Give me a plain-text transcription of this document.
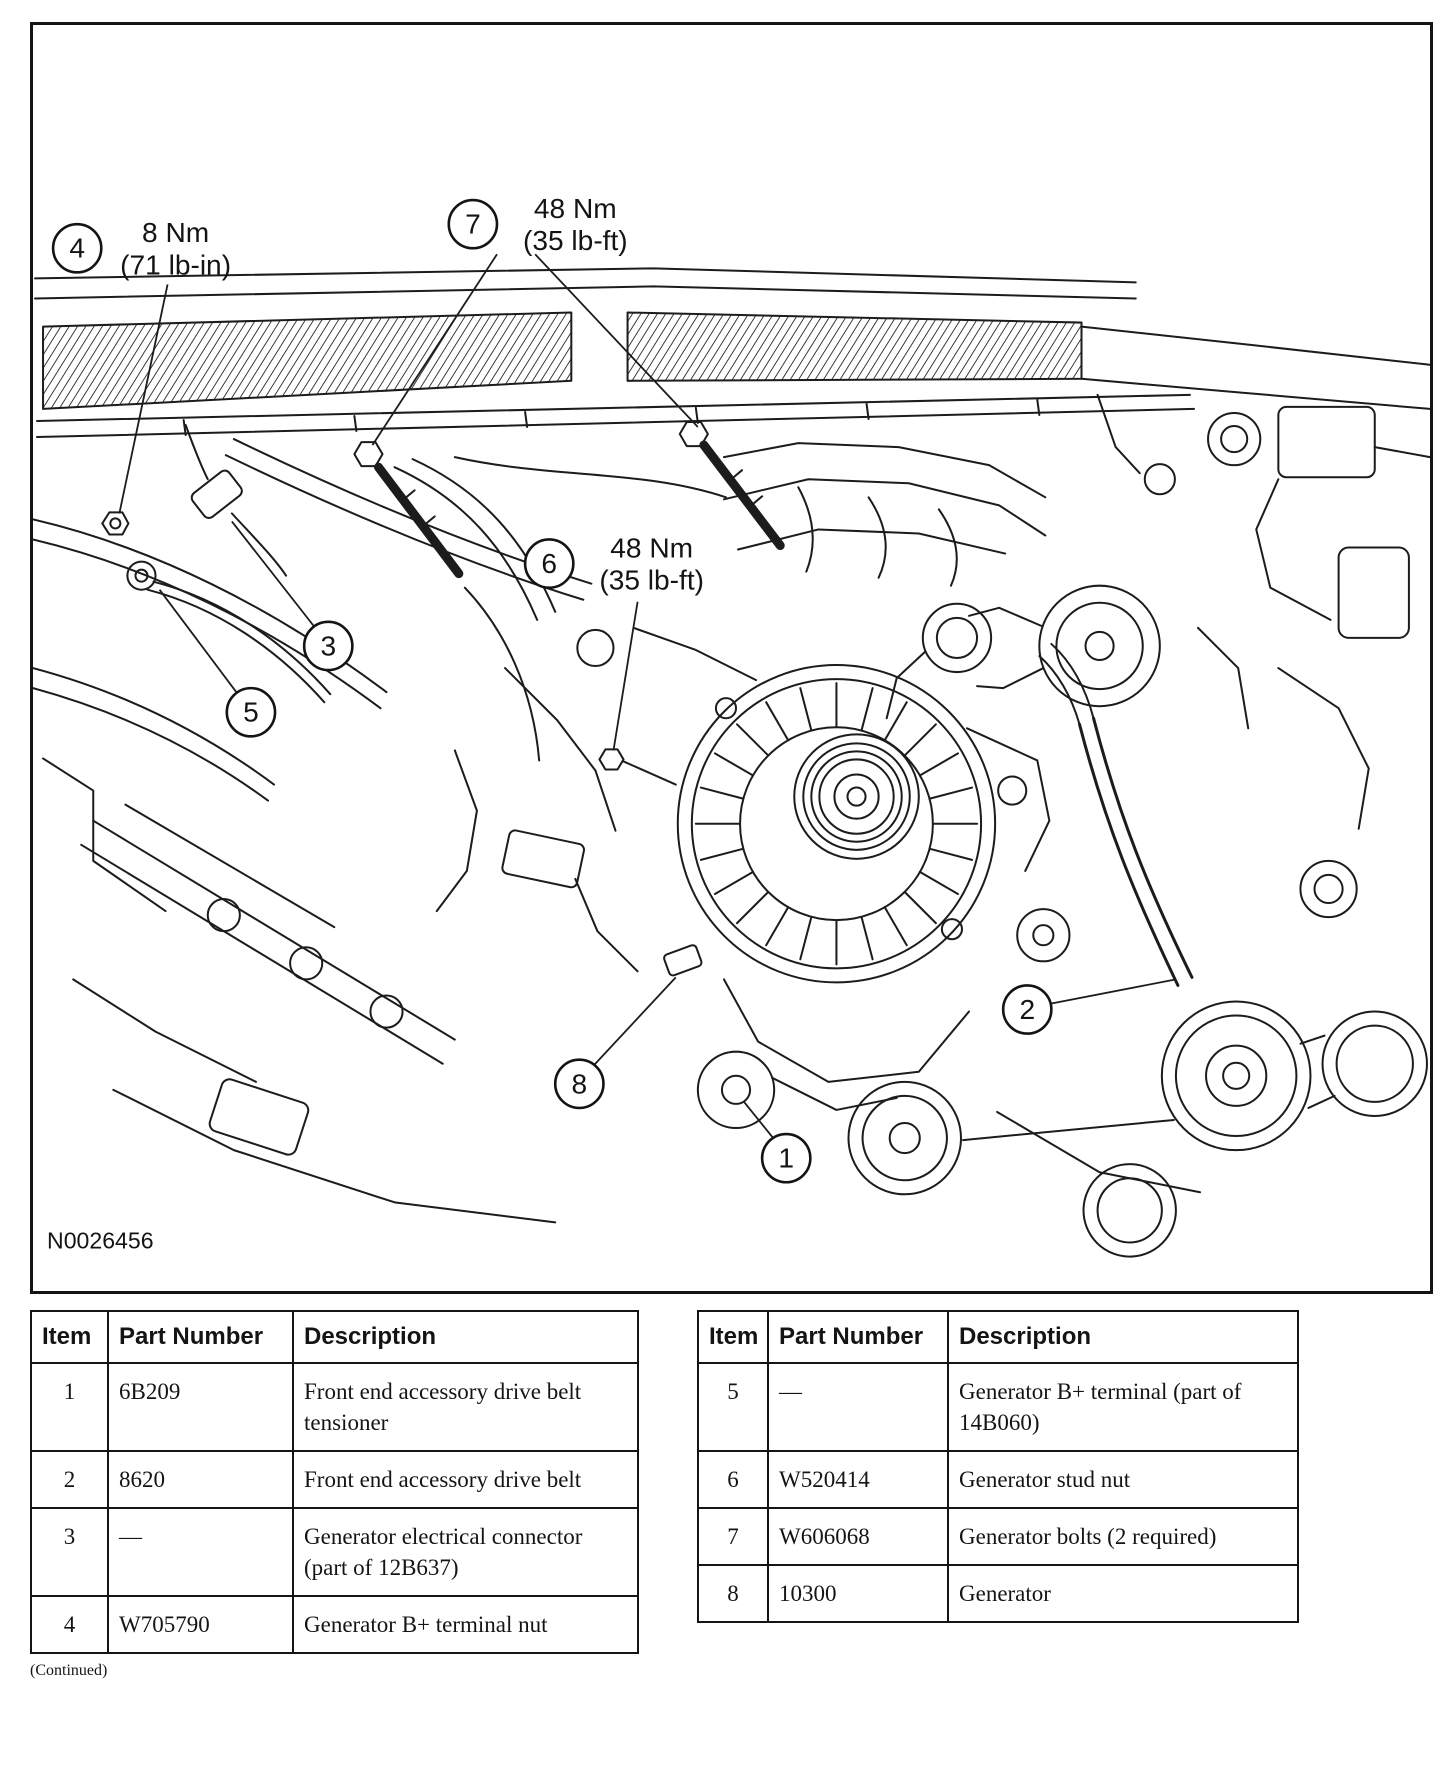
8 Nm
(71 lb-in)
48 Nm
(35 lb-ft)
48 Nm
(35 lb-ft)
4
7
6
3
5
2
8
1
N0026456
Item	Part Number	Description
1	6B209	Front end accessory drive belt tensioner
2	8620	Front end accessory drive belt
3	—	Generator electrical connector (part of 12B637)
4	W705790	Generator B+ terminal nut
Item	Part Number	Description
5	—	Generator B+ terminal (part of 14B060)
6	W520414	Generator stud nut
7	W606068	Generator bolts (2 required)
8	10300	Generator
(Continued)
